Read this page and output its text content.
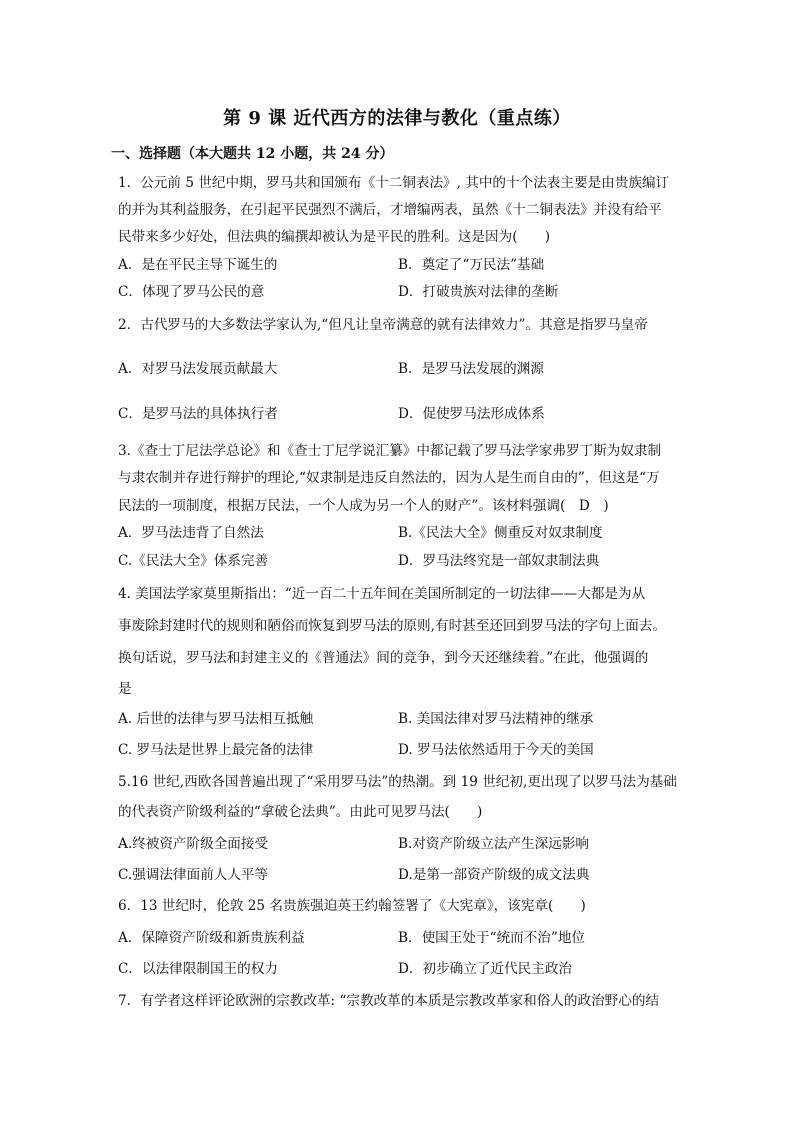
第 9 课 近代西方的法律与教化（重点练）
一、选择题（本大题共 12 小题，共 24 分）
1．公元前 5 世纪中期，罗马共和国颁布《十二铜表法》, 其中的十个法表主要是由贵族编订
的并为其利益服务，在引起平民强烈不满后，才增编两表，虽然《十二铜表法》并没有给平
民带来多少好处，但法典的编撰却被认为是平民的胜利。这是因为(　　)
A．是在平民主导下诞生的	B．奠定了“万民法”基础
C．体现了罗马公民的意	D．打破贵族对法律的垄断
2．古代罗马的大多数法学家认为,“但凡让皇帝满意的就有法律效力”。其意是指罗马皇帝
A．对罗马法发展贡献最大	B．是罗马法发展的渊源
C．是罗马法的具体执行者	D．促使罗马法形成体系
3.《查士丁尼法学总论》和《查士丁尼学说汇纂》中都记载了罗马法学家弗罗丁斯为奴隶制
与隶农制并存进行辩护的理论,“奴隶制是违反自然法的，因为人是生而自由的”，但这是“万
民法的一项制度，根据万民法，一个人成为另一个人的财产”。该材料强调(　D　)
A．罗马法违背了自然法	B.《民法大全》侧重反对奴隶制度
C.《民法大全》体系完善	D．罗马法终究是一部奴隶制法典
4. 美国法学家莫里斯指出：“近一百二十五年间在美国所制定的一切法律——大都是为从
事废除封建时代的规则和陋俗而恢复到罗马法的原则,有时甚至还回到罗马法的字句上面去。
换句话说，罗马法和封建主义的《普通法》间的竞争，到今天还继续着。”在此，他强调的
是
A. 后世的法律与罗马法相互抵触	B. 美国法律对罗马法精神的继承
C. 罗马法是世界上最完备的法律	D. 罗马法依然适用于今天的美国
5.16 世纪,西欧各国普遍出现了“采用罗马法”的热潮。到 19 世纪初,更出现了以罗马法为基础
的代表资产阶级利益的“拿破仑法典”。由此可见罗马法(　　)
A.终被资产阶级全面接受	B.对资产阶级立法产生深远影响
C.强调法律面前人人平等	D.是第一部资产阶级的成文法典
6．13 世纪时，伦敦 25 名贵族强迫英王约翰签署了《大宪章》，该宪章(　　)
A．保障资产阶级和新贵族利益	B．使国王处于“统而不治”地位
C．以法律限制国王的权力	D．初步确立了近代民主政治
7．有学者这样评论欧洲的宗教改革: “宗教改革的本质是宗教改革家和俗人的政治野心的结
